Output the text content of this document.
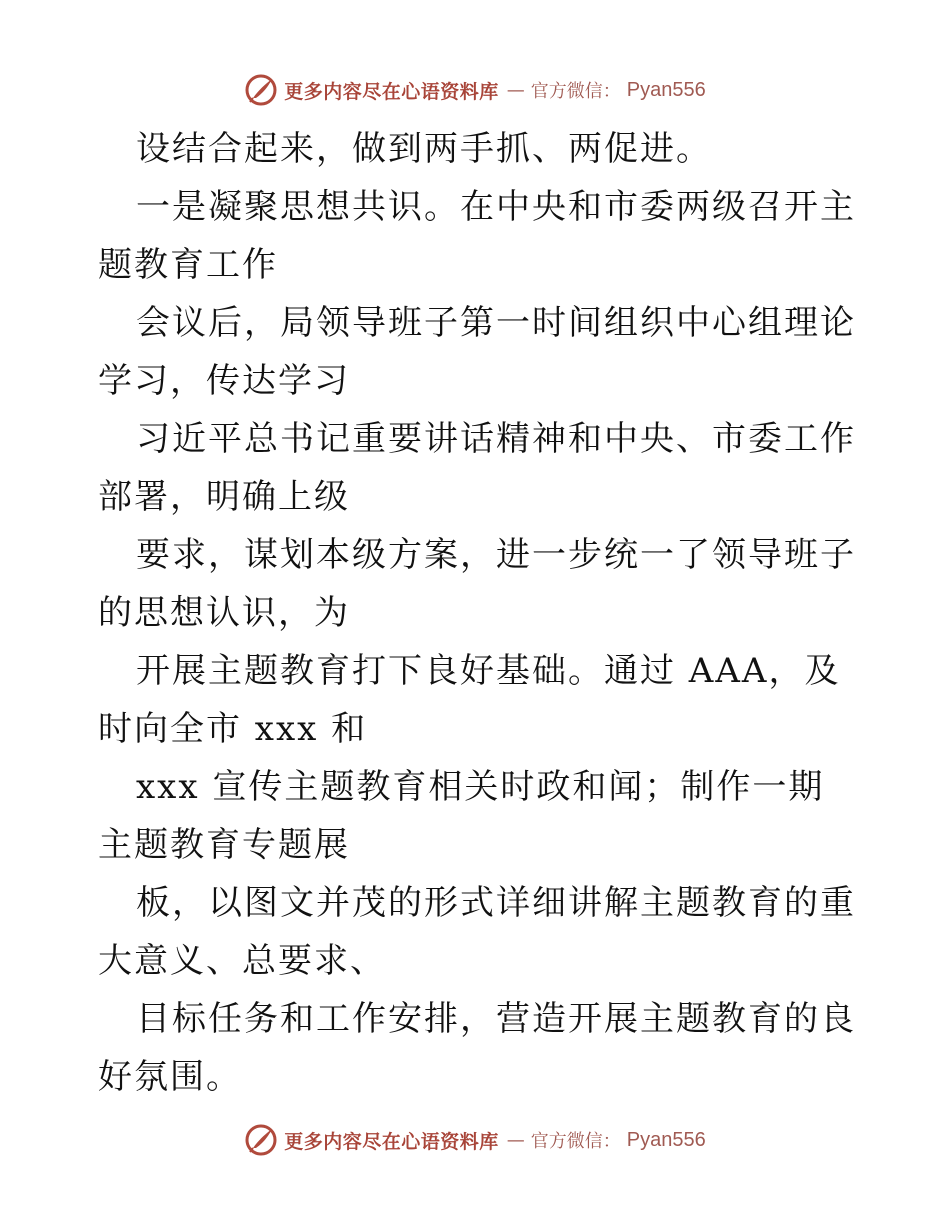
更多内容尽在心语资料库 — 官方微信： Pyan556

设结合起来，做到两手抓、两促进。

一是凝聚思想共识。在中央和市委两级召开主题教育工作

会议后，局领导班子第一时间组织中心组理论学习，传达学习

习近平总书记重要讲话精神和中央、市委工作部署，明确上级

要求，谋划本级方案，进一步统一了领导班子的思想认识，为

开展主题教育打下良好基础。通过 AAA，及时向全市 xxx 和

xxx 宣传主题教育相关时政和闻；制作一期主题教育专题展

板，以图文并茂的形式详细讲解主题教育的重大意义、总要求、

目标任务和工作安排，营造开展主题教育的良好氛围。

更多内容尽在心语资料库 — 官方微信： Pyan556
